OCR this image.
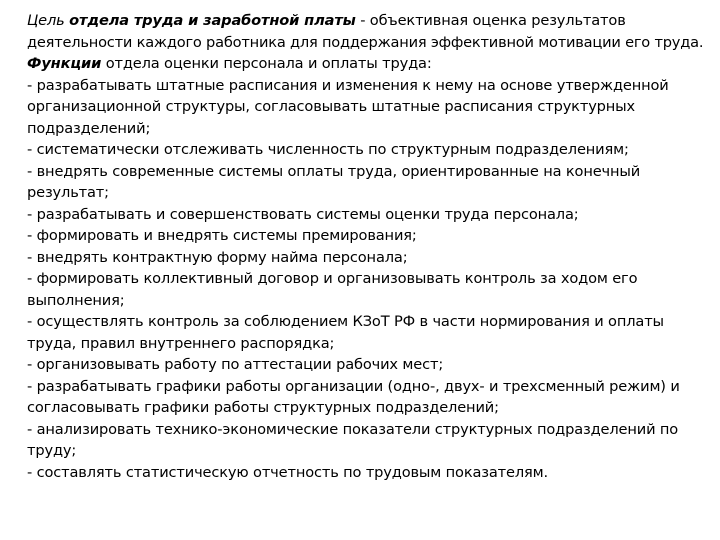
Цель отдела труда и заработной платы - объективная оценка результатов
деятельности каждого работника для поддержания эффективной мотивации его труда.
Функции отдела оценки персонала и оплаты труда:
- разрабатывать штатные расписания и изменения к нему на основе утвержденной
организационной структуры, согласовывать штатные расписания структурных
подразделений;
- систематически отслеживать численность по структурным подразделениям;
- внедрять современные системы оплаты труда, ориентированные на конечный
результат;
- разрабатывать и совершенствовать системы оценки труда персонала;
- формировать и внедрять системы премирования;
- внедрять контрактную форму найма персонала;
- формировать коллективный договор и организовывать контроль за ходом его
выполнения;
- осуществлять контроль за соблюдением КЗоТ РФ в части нормирования и оплаты
труда, правил внутреннего распорядка;
- организовывать работу по аттестации рабочих мест;
- разрабатывать графики работы организации (одно-, двух- и трехсменный режим) и
согласовывать графики работы структурных подразделений;
- анализировать технико-экономические показатели структурных подразделений по
труду;
- составлять статистическую отчетность по трудовым показателям.
